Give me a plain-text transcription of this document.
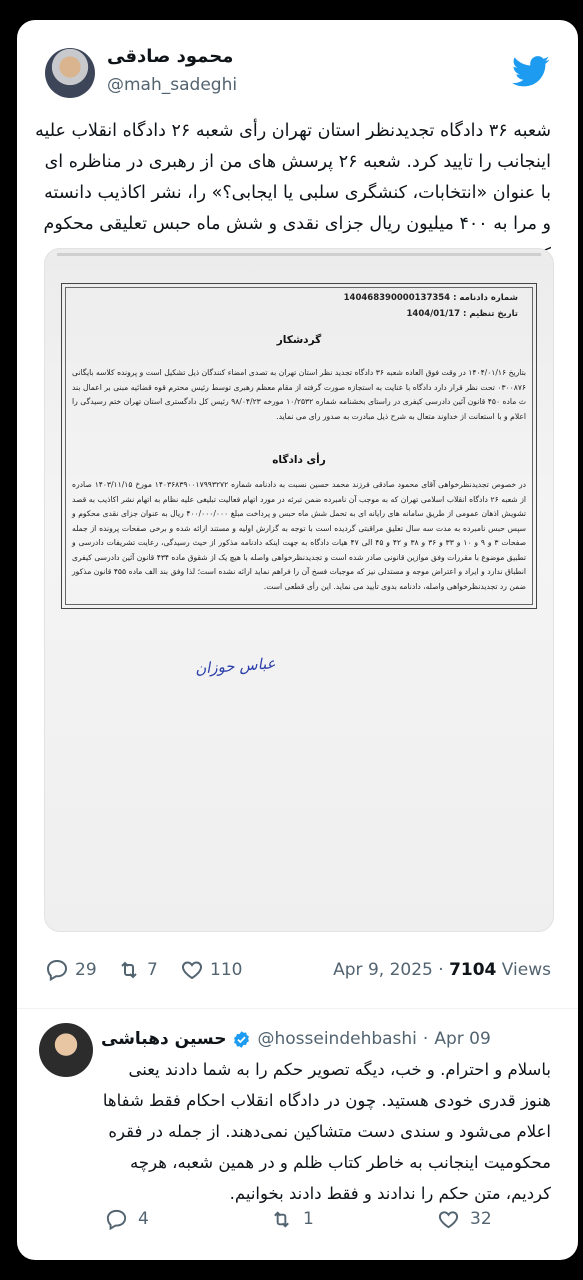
محمود صادقی
@mah_sadeghi
شعبه ۳۶ دادگاه تجدیدنظر استان تهران رأی شعبه ۲۶ دادگاه انقلاب علیه اینجانب را تایید کرد. شعبه ۲۶ پرسش های من از رهبری در مناظره ای با عنوان «انتخابات، کنشگری سلبی یا ایجابی؟» را، نشر اکاذیب دانسته و مرا به ۴۰۰ میلیون ریال جزای نقدی و شش ماه حبس تعلیقی محکوم
شماره دادنامه : 140468390000137354
تاریخ تنظیم : 1404/01/17
گردشکار
بتاریخ ۱۴۰۴/۰۱/۱۶ در وقت فوق العاده شعبه ۳۶ دادگاه تجدید نظر استان تهران به تصدی امضاء کنندگان ذیل تشکیل است و پرونده کلاسه بایگانی ۰۳۰۰۸۷۶ تحت نظر قرار دارد دادگاه با عنایت به استجازه صورت گرفته از مقام معظم رهبری توسط رئیس محترم قوه قضائیه مبنی بر اعمال بند ث ماده ۴۵۰ قانون آئین دادرسی کیفری در راستای بخشنامه شماره ۱۰/۲۵۳۲ مورخه ۹۸/۰۴/۲۳ رئیس کل دادگستری استان تهران ختم رسیدگی را اعلام و با استعانت از خداوند متعال به شرح ذیل مبادرت به صدور رای می نماید.
رأی دادگاه
در خصوص تجدیدنظرخواهی آقای محمود صادقی فرزند محمد حسین نسبت به دادنامه شماره ۱۴۰۳۶۸۳۹۰۰۱۷۹۹۳۲۷۲ مورخ ۱۴۰۳/۱۱/۱۵ صادره از شعبه ۲۶ دادگاه انقلاب اسلامی تهران که به موجب آن نامبرده ضمن تبرئه در مورد اتهام فعالیت تبلیغی علیه نظام به اتهام نشر اکاذیب به قصد تشویش اذهان عمومی از طریق سامانه های رایانه ای به تحمل شش ماه حبس و پرداخت مبلغ ۴۰۰/۰۰۰/۰۰۰ ریال به عنوان جزای نقدی محکوم و سپس حبس نامبرده به مدت سه سال تعلیق مراقبتی گردیده است با توجه به گزارش اولیه و مستند ارائه شده و برخی صفحات پرونده از جمله صفحات ۳ و ۹ و ۱۰ و ۳۳ و ۳۶ و ۳۸ و ۴۲ و ۴۵ الی ۴۷ هیات دادگاه به جهت اینکه دادنامه مذکور از حیث رسیدگی، رعایت تشریفات دادرسی و تطبیق موضوع با مقررات وفق موازین قانونی صادر شده است و تجدیدنظرخواهی واصله با هیچ یک از شقوق ماده ۴۳۴ قانون آئین دادرسی کیفری انطباق ندارد و ایراد و اعتراض موجه و مستدلی نیز که موجبات فسخ آن را فراهم نماید ارائه نشده است؛ لذا وفق بند الف ماده ۴۵۵ قانون مذکور ضمن رد تجدیدنظرخواهی واصله، دادنامه بدوی تأیید می نماید. این رأی قطعی است.
عباس حوزان
29	7	110	Apr 9, 2025 · 7104 Views
حسین دهباشی @hosseindehbashi · Apr 09
باسلام و احترام. و خب، دیگه تصویر حکم را به شما دادند یعنی هنوز قدری خودی هستید. چون در دادگاه انقلاب احکام فقط شفاها اعلام می‌شود و سندی دست متشاکین نمی‌دهند. از جمله در فقره محکومیت اینجانب به خاطر کتاب ظلم و در همین شعبه، هرچه کردیم، متن حکم را ندادند و فقط دادند بخوانیم.
4	1	32
